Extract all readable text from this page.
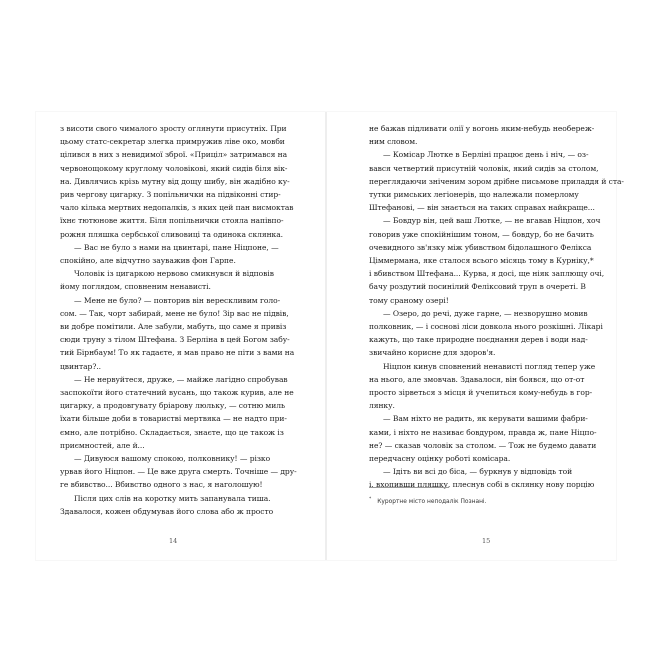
з висоти свого чималого зросту оглянути присутніх. При
цьому статс-секретар злегка примружив ліве око, мовби
цілився в них з невидимої зброї. «Приціл» затримався на
червонощокому круглому чоловікові, який сидів біля вік-
на. Дивлячись крізь мутну від дощу шибу, він жадібно ку-
рив чергову цигарку. З попільнички на підвіконні стир-
чало кілька мертвих недопалків, з яких цей пан висмоктав
їхнє тютюнове життя. Біля попільнички стояла напівпо-
рожня пляшка сербської сливовиці та одинока склянка.
— Вас не було з нами на цвинтарі, пане Ніцпоне, —
спокійно, але відчутно зауважив фон Гарпе.
Чоловік із цигаркою нервово смикнувся й відповів
йому поглядом, сповненим ненависті.
— Мене не було? — повторив він верескливим голо-
сом. — Так, чорт забирай, мене не було! Зір вас не підвів,
ви добре помітили. Але забули, мабуть, що саме я привіз
сюди труну з тілом Штефана. З Берліна в цей Богом забу-
тий Бірнбаум! То як гадаєте, я мав право не піти з вами на
цвинтар?..
— Не нервуйтеся, друже, — майже лагідно спробував
заспокоїти його статечний вусань, що також курив, але не
цигарку, а продовгувату бріарову люльку, — сотню миль
їхати більше доби в товаристві мертвяка — не надто при-
ємно, але потрібно. Складається, знаєте, що це також із
приємностей, але й...
— Дивуюся вашому спокою, полковнику! — різко
урвав його Ніцпон. — Це вже друга смерть. Точніше — дру-
ге вбивство... Вбивство одного з нас, я наголошую!
Після цих слів на коротку мить запанувала тиша.
Здавалося, кожен обдумував його слова або ж просто
14
не бажав підливати олії у вогонь яким-небудь необереж-
ним словом.
— Комісар Лютке в Берліні працює день і ніч, — оз-
вався четвертий присутній чоловік, який сидів за столом,
переглядаючи зніченим зором дрібне письмове приладдя й ста-
тутки римських легіонерів, що належали померлому
Штефанові, — він знається на таких справах найкраще...
— Бовдур він, цей ваш Лютке, — не вгавав Ніцпон, хоч
говорив уже спокійнішим тоном, — бовдур, бо не бачить
очевидного зв'язку між убивством бідолашного Фелікса
Ціммермана, яке сталося всього місяць тому в Курніку,*
і вбивством Штефана... Курва, я досі, ще ніяк заплющу очі,
бачу роздутий посинілий Феліксовий труп в очереті. В
тому сраному озері!
— Озеро, до речі, дуже гарне, — незворушно мовив
полковник, — і соснові ліси довкола нього розкішні. Лікарі
кажуть, що таке природне поєднання дерев і води над-
звичайно корисне для здоров'я.
Ніцпон кинув сповнений ненависті погляд тепер уже
на нього, але змовчав. Здавалося, він боявся, що от-от
просто зірветься з місця й учепиться кому-небудь в гор-
лянку.
— Вам ніхто не радить, як керувати вашими фабри-
ками, і ніхто не називає бовдуром, правда ж, пане Ніцпо-
не? — сказав чоловік за столом. — Тож не будемо давати
передчасну оцінку роботі комісара.
— Ідіть ви всі до біса, — буркнув у відповідь той
і, вхопивши пляшку, плеснув собі в склянку нову порцію
* Курортне місто неподалік Познані.
15
